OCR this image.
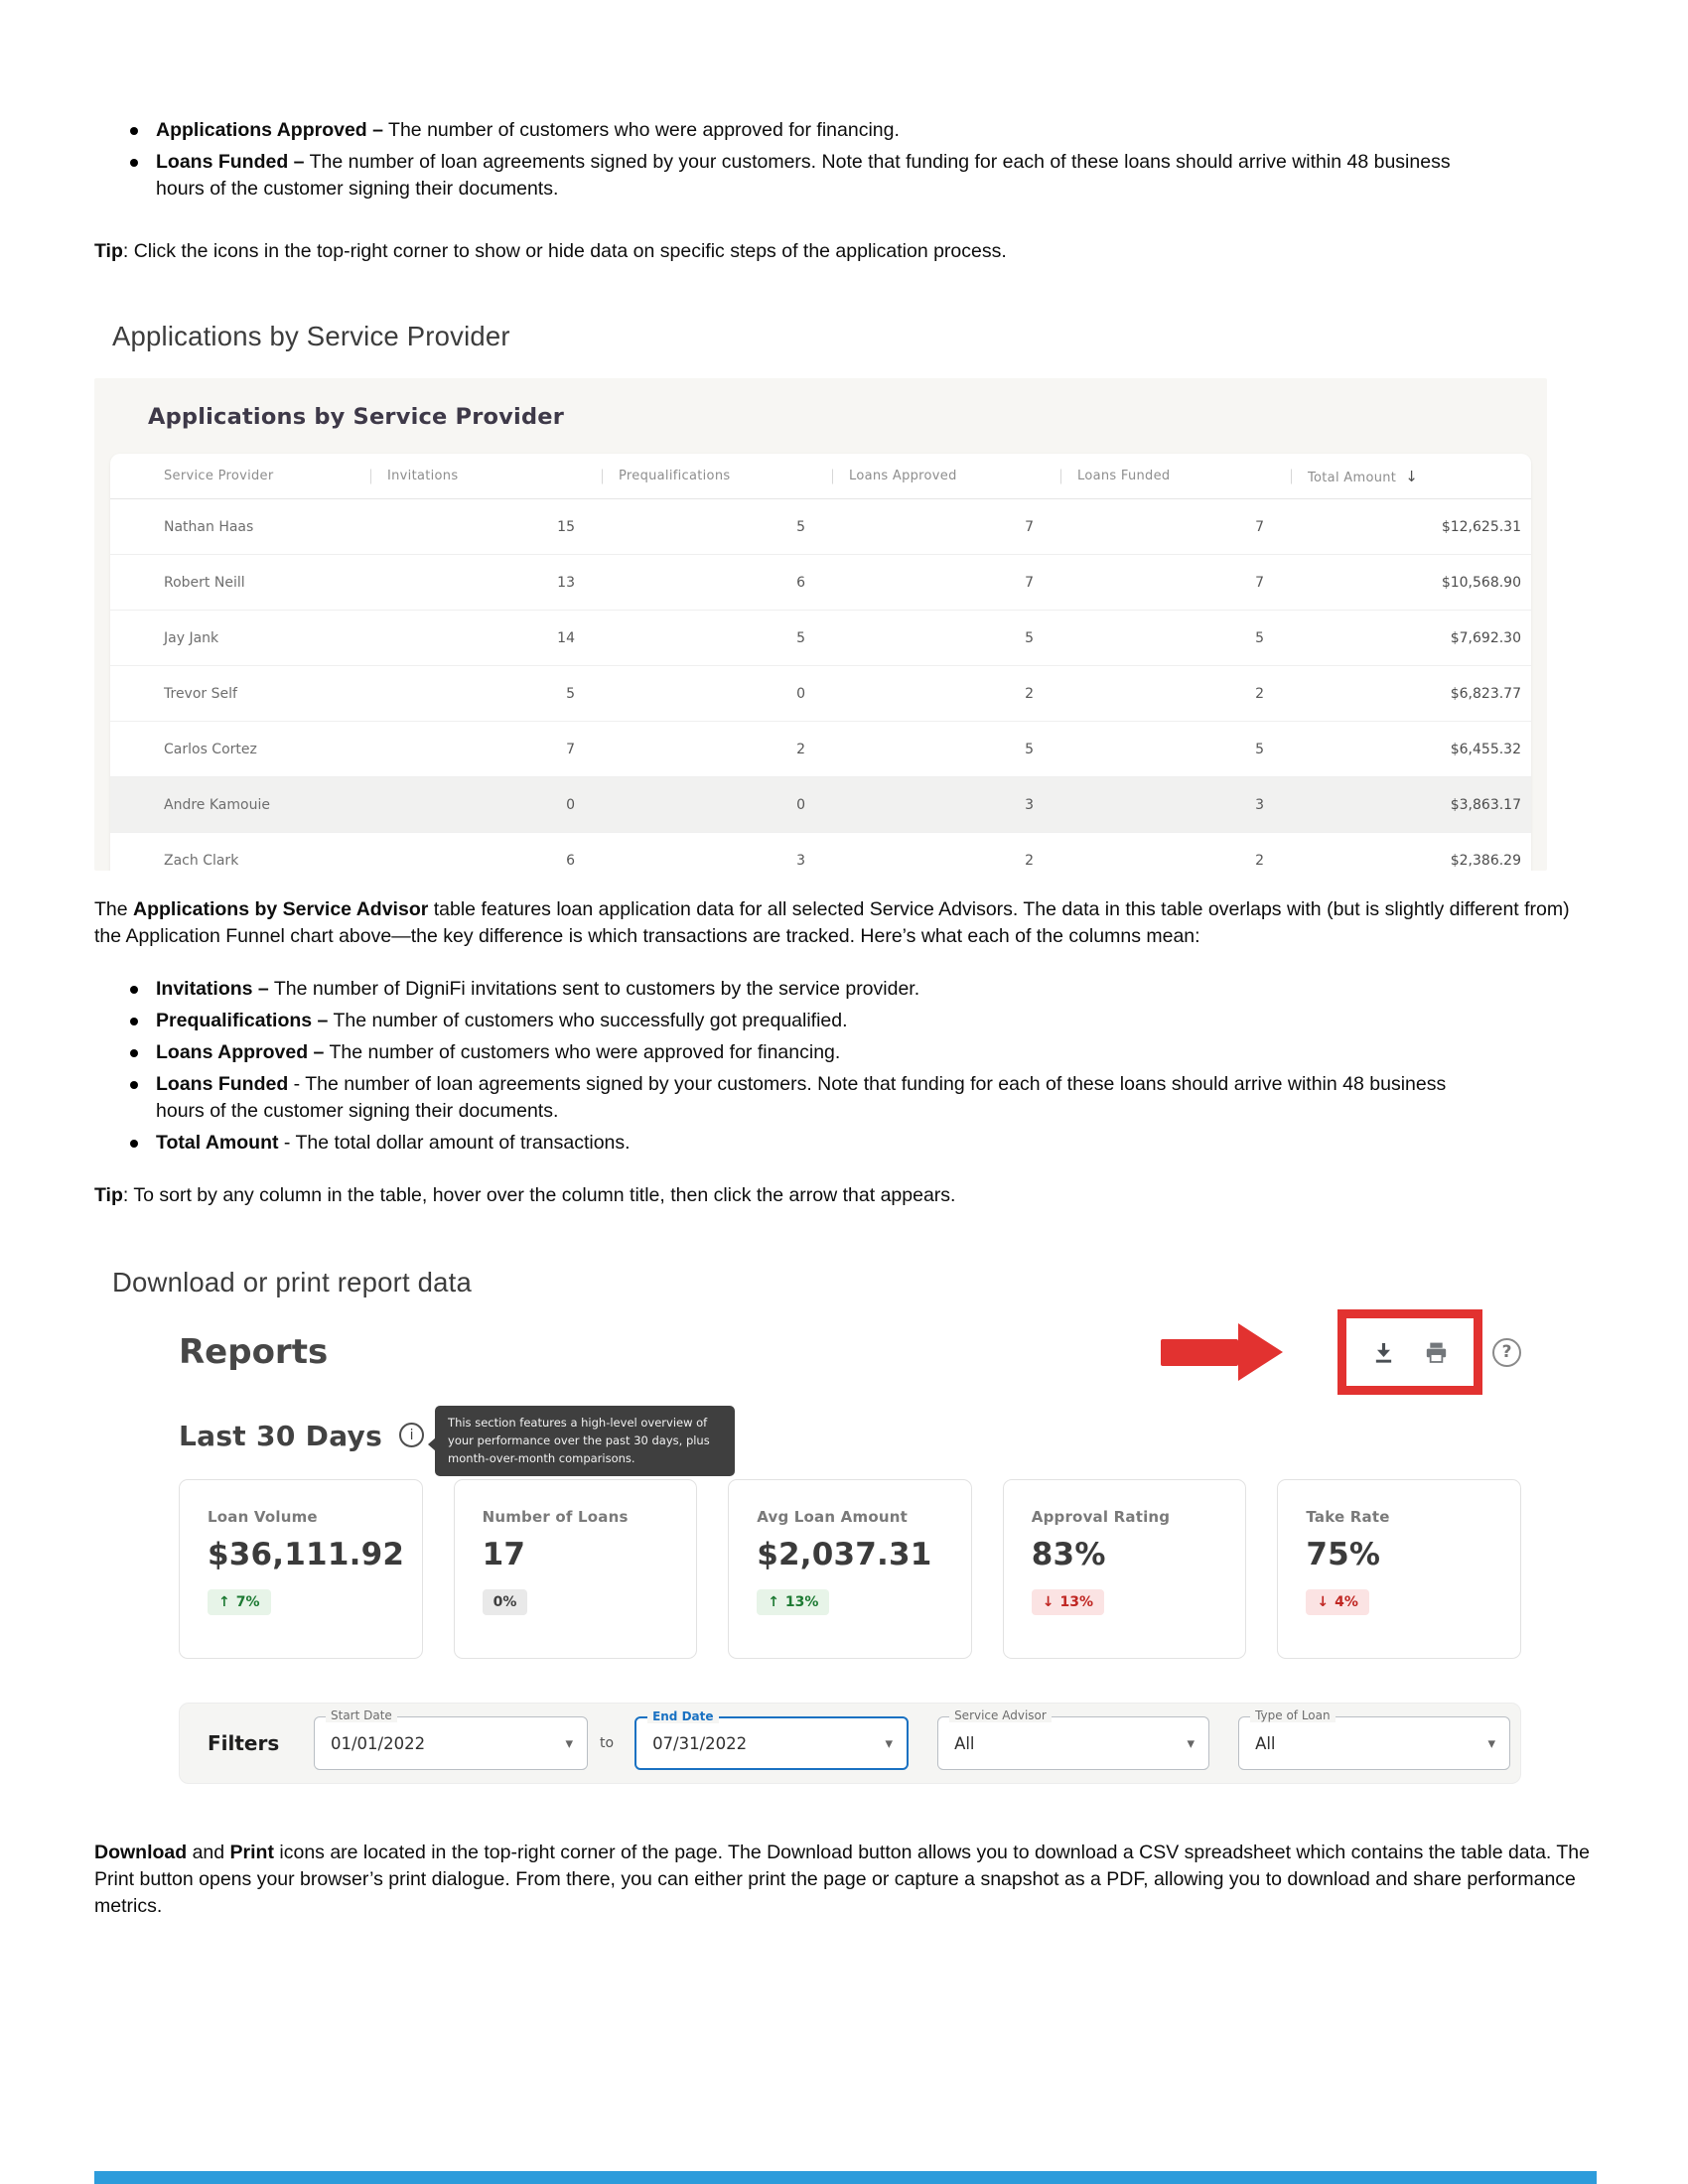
Applications Approved – The number of customers who were approved for financing.
Loans Funded – The number of loan agreements signed by your customers. Note that funding for each of these loans should arrive within 48 business hours of the customer signing their documents.

Tip: Click the icons in the top-right corner to show or hide data on specific steps of the application process.

Applications by Service Provider
Applications by Service Provider
Service Provider	Invitations	Prequalifications	Loans Approved	Loans Funded	Total Amount ↓
Nathan Haas	15	5	7	7	$12,625.31
Robert Neill	13	6	7	7	$10,568.90
Jay Jank	14	5	5	5	$7,692.30
Trevor Self	5	0	2	2	$6,823.77
Carlos Cortez	7	2	5	5	$6,455.32
Andre Kamouie	0	0	3	3	$3,863.17
Zach Clark	6	3	2	2	$2,386.29

The Applications by Service Advisor table features loan application data for all selected Service Advisors. The data in this table overlaps with (but is slightly different from) the Application Funnel chart above—the key difference is which transactions are tracked. Here’s what each of the columns mean:

Invitations – The number of DigniFi invitations sent to customers by the service provider.
Prequalifications – The number of customers who successfully got prequalified.
Loans Approved – The number of customers who were approved for financing.
Loans Funded - The number of loan agreements signed by your customers. Note that funding for each of these loans should arrive within 48 business hours of the customer signing their documents.
Total Amount - The total dollar amount of transactions.

Tip: To sort by any column in the table, hover over the column title, then click the arrow that appears.

Download or print report data
Reports	?
Last 30 Days	i
This section features a high-level overview of your performance over the past 30 days, plus month-over-month comparisons.
Loan Volume
$36,111.92
↑ 7%
Number of Loans
17
0%
Avg Loan Amount
$2,037.31
↑ 13%
Approval Rating
83%
↓ 13%
Take Rate
75%
↓ 4%
Filters
Start Date
01/01/2022	▾ to
End Date
07/31/2022	▾
Service Advisor
All	▾
Type of Loan
All	▾

Download and Print icons are located in the top-right corner of the page. The Download button allows you to download a CSV spreadsheet which contains the table data. The Print button opens your browser’s print dialogue. From there, you can either print the page or capture a snapshot as a PDF, allowing you to download and share performance metrics.
